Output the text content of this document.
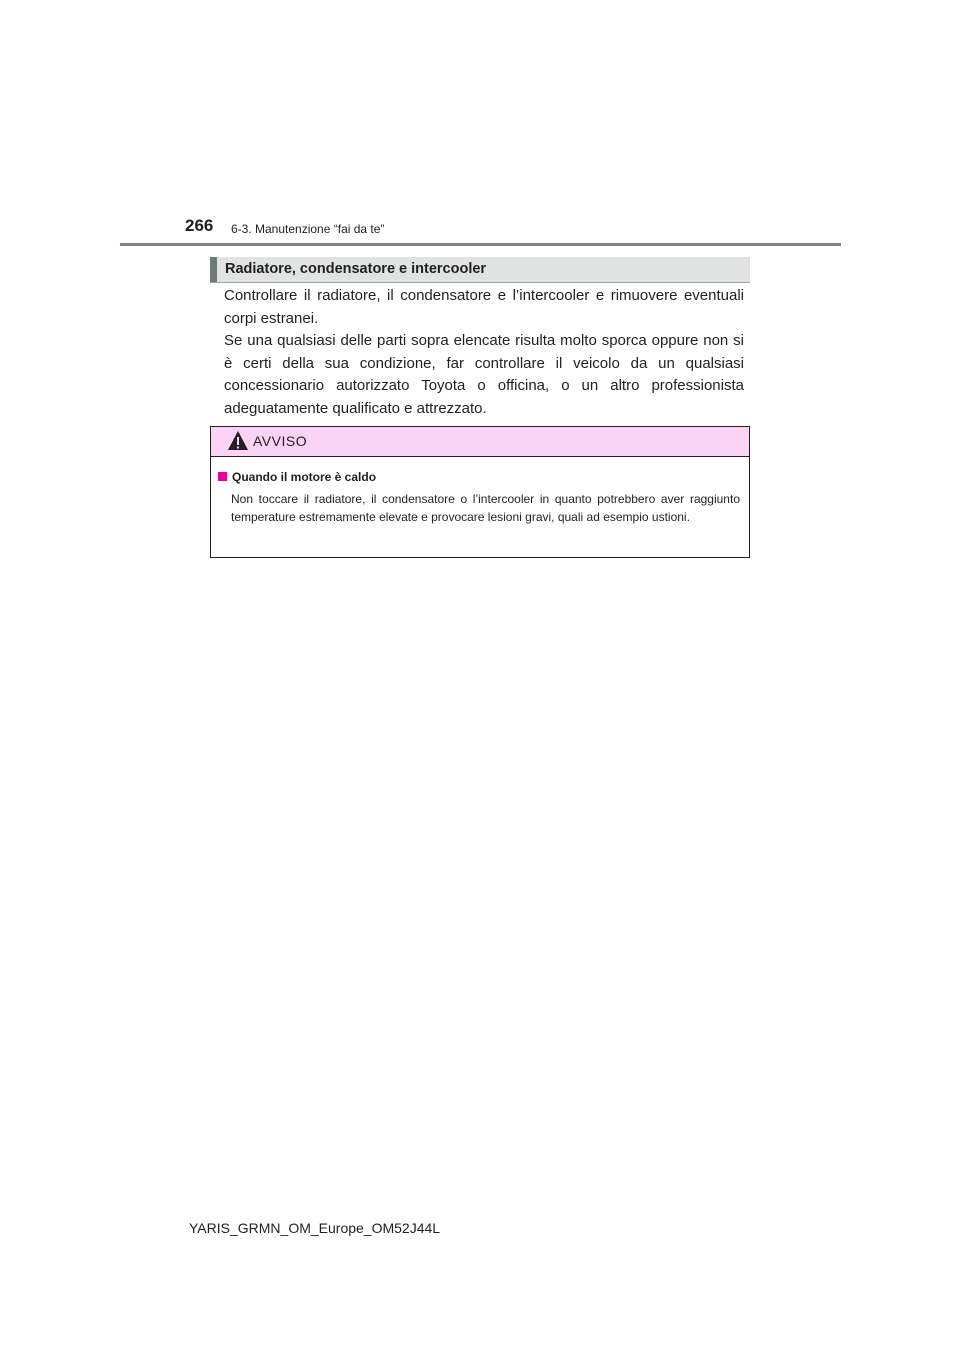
266 6-3. Manutenzione “fai da te”
Radiatore, condensatore e intercooler

Controllare il radiatore, il condensatore e l’intercooler e rimuovere eventuali corpi estranei.

Se una qualsiasi delle parti sopra elencate risulta molto sporca oppure non si è certi della sua condizione, far controllare il veicolo da un qualsiasi concessionario autorizzato Toyota o officina, o un altro professionista adeguatamente qualificato e attrezzato.

AVVISO
Quando il motore è caldo

Non toccare il radiatore, il condensatore o l’intercooler in quanto potrebbero aver raggiunto temperature estremamente elevate e provocare lesioni gravi, quali ad esempio ustioni.

YARIS_GRMN_OM_Europe_OM52J44L
